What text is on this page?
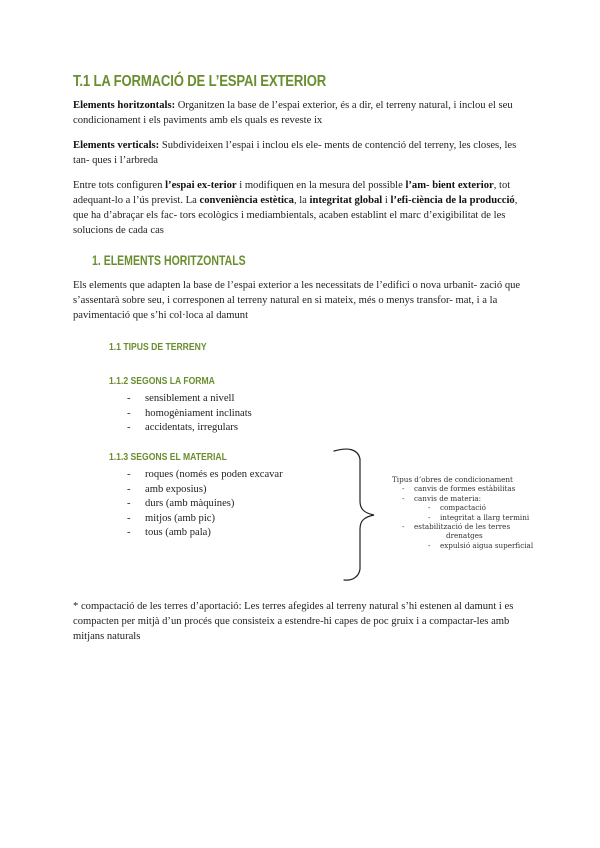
T.1 LA FORMACIÓ DE L’ESPAI EXTERIOR

Elements horitzontals: Organitzen la base de l’espai exterior, és a dir, el terreny natural, i inclou el seu condicionament i els paviments amb els quals es reveste ix

Elements verticals: Subdivideixen l’espai i inclou els ele- ments de contenció del terreny, les closes, les tan- ques i l’arbreda

Entre tots configuren l’espai ex-terior i modifiquen en la mesura del possible l’am- bient exterior, tot adequant-lo a l’ús previst. La conveniència estètica, la integritat global i l’efi-ciència de la producció, que ha d’abraçar els fac- tors ecològics i mediambientals, acaben establint el marc d’exigibilitat de les solucions de cada cas

1. ELEMENTS HORITZONTALS

Els elements que adapten la base de l’espai exterior a les necessitats de l’edifici o nova urbanit- zació que s’assentarà sobre seu, i corresponen al terreny natural en si mateix, més o menys transfor- mat, i a la pavimentació que s’hi col·loca al damunt

1.1 TIPUS DE TERRENY
1.1.2 SEGONS LA FORMA
- sensiblement a nivell
- homogèniament inclinats
- accidentats, irregulars
1.1.3 SEGONS EL MATERIAL
- roques (només es poden excavar
- amb exposius)
- durs (amb màquines)
- mitjos (amb pic)
- tous (amb pala)
Tipus d’obres de condicionament
- canvis de formes estàbilitas
- canvis de materia:
- compactació
- integritat a llarg termini
- estabilització de les terres
drenatges
- expulsió aigua superficial

* compactació de les terres d’aportació: Les terres afegides al terreny natural s’hi estenen al damunt i es compacten per mitjà d’un procés que consisteix a estendre-hi capes de poc gruix i a compactar-les amb mitjans naturals
